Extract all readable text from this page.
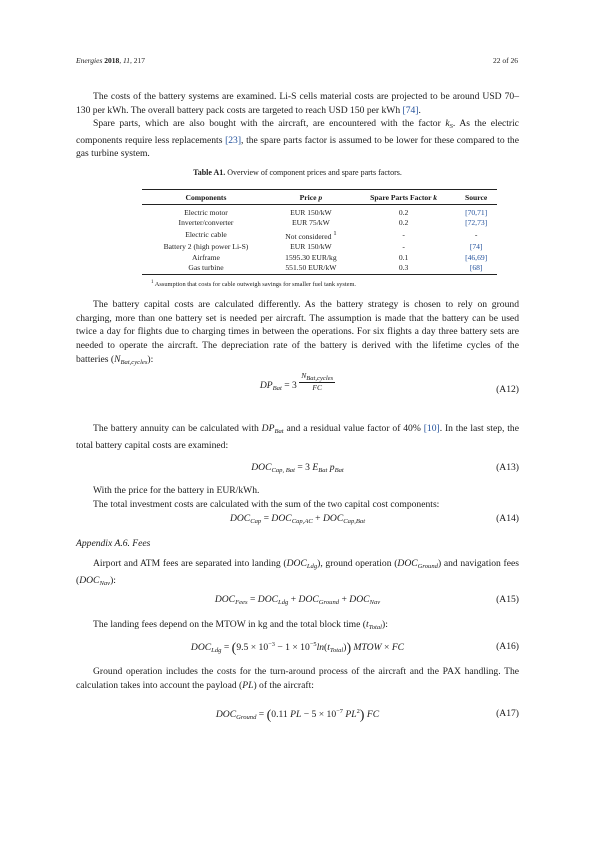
Energies 2018, 11, 217	22 of 26

The costs of the battery systems are examined. Li-S cells material costs are projected to be around USD 70–130 per kWh. The overall battery pack costs are targeted to reach USD 150 per kWh [74].

Spare parts, which are also bought with the aircraft, are encountered with the factor $k_S$. As the electric components require less replacements [23], the spare parts factor is assumed to be lower for these compared to the gas turbine system.

Table A1. Overview of component prices and spare parts factors.
Components	Price p	Spare Parts Factor k	Source
Electric motor	EUR 150/kW	0.2	[70,71]
Inverter/converter	EUR 75/kW	0.2	[72,73]
Electric cable	Not considered $^1$	-	-
Battery 2 (high power Li-S)	EUR 150/kW	-	[74]
Airframe	1595.30 EUR/kg	0.1	[46,69]
Gas turbine	551.50 EUR/kW	0.3	[68]
$^1$ Assumption that costs for cable outweigh savings for smaller fuel tank system.

The battery capital costs are calculated differently. As the battery strategy is chosen to rely on ground charging, more than one battery set is needed per aircraft. The assumption is made that the battery can be used twice a day for flights due to charging times in between the operations. For six flights a day three battery sets are needed to operate the aircraft. The depreciation rate of the battery is derived with the lifetime cycles of the batteries $(N_{Bat,cycles})$:

$DP_{Bat} = 3 \frac{\text{NBat,cycles}}{FC}$	(A12)

The battery annuity can be calculated with $DP_{Bat}$ and a residual value factor of 40% [10]. In the last step, the total battery capital costs are examined:

$DOC_{Cap, Bat} = 3$ $E_{Bat}$ $p_{Bat}$	(A13)

With the price for the battery in EUR/kWh.

The total investment costs are calculated with the sum of the two capital cost components:

$DOC_{Cap} = DOC_{Cap,AC} + DOC_{Cap,Bat}$	(A14)
Appendix A.6. Fees

Airport and ATM fees are separated into landing $(DOC_{Ldg})$, ground operation $(DOC_{Ground})$ and navigation fees $(DOC_{Nav})$:

$DOC_{Fees} = DOC_{Ldg} + DOC_{Ground} + DOC_{Nav}$	(A15)

The landing fees depend on the MTOW in kg and the total block time $(t_{Total})$:

$DOC_{Ldg} = (9.5 \times 10^{-3} - 1 \times 10^{-5}\ln(t_{Total}))$ MTOW × FC	(A16)

Ground operation includes the costs for the turn-around process of the aircraft and the PAX handling. The calculation takes into account the payload (PL) of the aircraft:

$DOC_{Ground} = (0.11$ PL − $5 \times 10^{-7}$ $PL^2$) FC	(A17)
